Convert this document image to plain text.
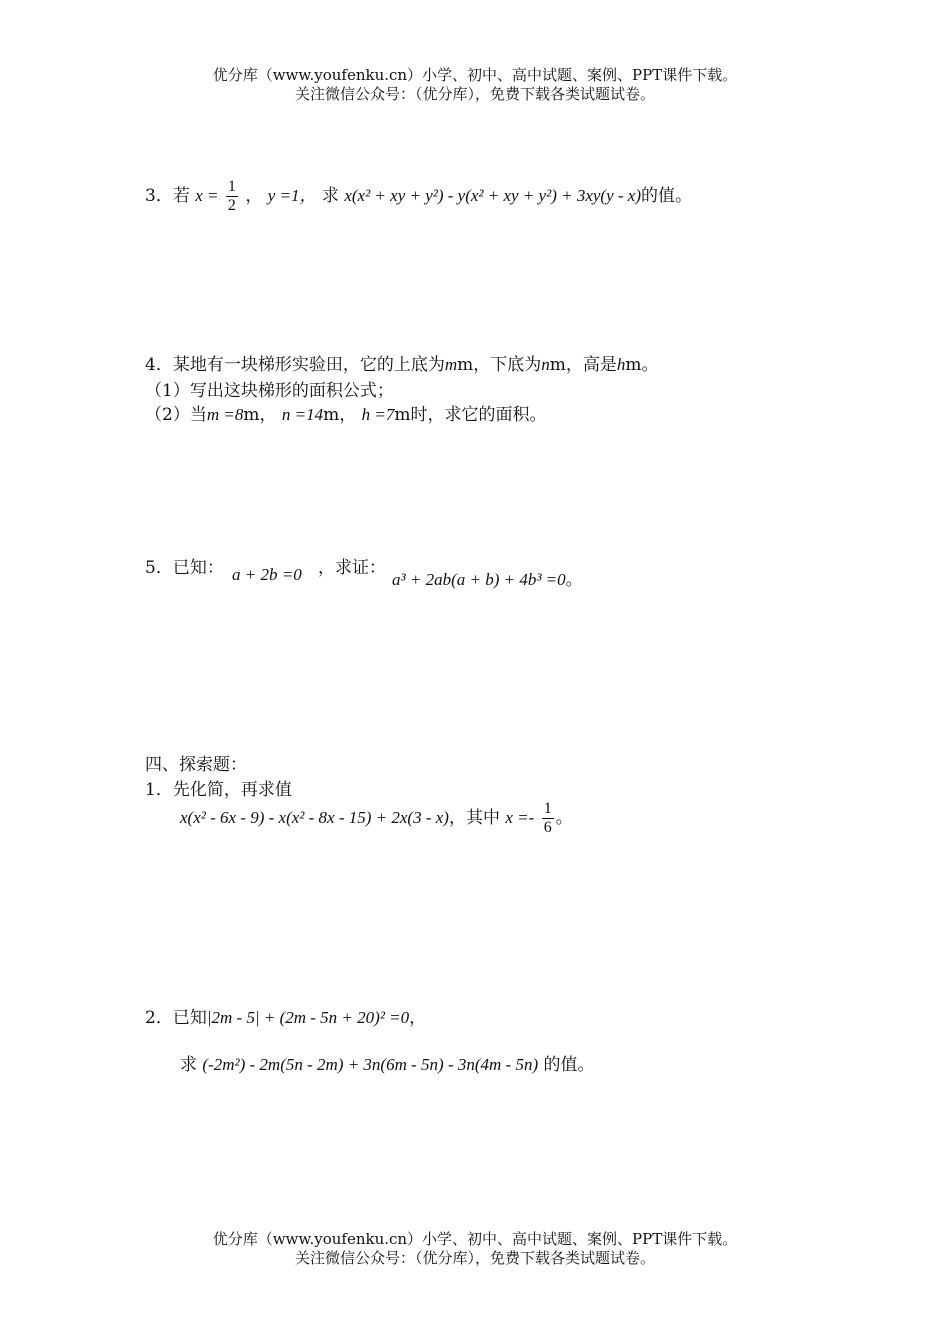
优分库（www.youfenku.cn）小学、初中、高中试题、案例、PPT课件下载。
关注微信公众号：（优分库），免费下载各类试题试卷。
3．若 $x = \frac{1}{2}$ ， y =1， 求 x(x² + xy + y²) - y(x² + xy + y²) + 3xy(y - x)的值。
4．某地有一块梯形实验田，它的上底为mm，下底为nm，高是hm。
（1）写出这块梯形的面积公式；
（2）当m =8m， n =14m， h =7m时，求它的面积。
5．已知： a + 2b =0 ，求证：
a³ + 2ab(a + b) + 4b³ =0。
四、探索题：
1．先化简，再求值
x(x² - 6x - 9) - x(x² - 8x - 15) + 2x(3 - x)，其中 $x =- \frac{1}{6}$ 。
2．已知|2m - 5| + (2m - 5n + 20)² =0，
求 (-2m²) - 2m(5n - 2m) + 3n(6m - 5n) - 3n(4m - 5n) 的值。
优分库（www.youfenku.cn）小学、初中、高中试题、案例、PPT课件下载。
关注微信公众号：（优分库），免费下载各类试题试卷。
